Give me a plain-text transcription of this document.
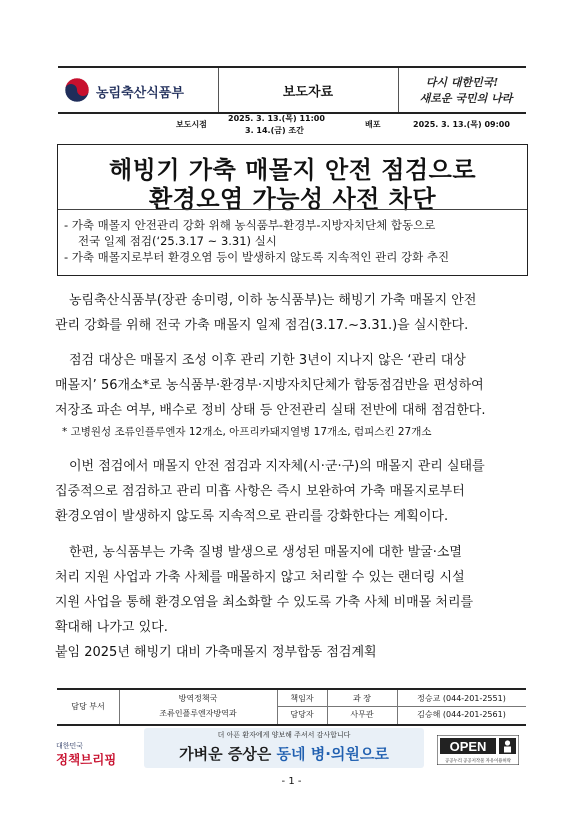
농림축산식품부	보도자료
다시 대한민국!
새로운 국민의 나라
보도시점
2025. 3. 13.(목) 11:00
3. 14.(금) 조간
배포	2025. 3. 13.(목) 09:00
해빙기 가축 매몰지 안전 점검으로
환경오염 가능성 사전 차단
- 가축 매몰지 안전관리 강화 위해 농식품부-환경부-지방자치단체 합동으로
전국 일제 점검(‘25.3.17 ~ 3.31) 실시
- 가축 매몰지로부터 환경오염 등이 발생하지 않도록 지속적인 관리 강화 추진
농림축산식품부(장관 송미령, 이하 농식품부)는 해빙기 가축 매몰지 안전
관리 강화를 위해 전국 가축 매몰지 일제 점검(3.17.~3.31.)을 실시한다.
점검 대상은 매몰지 조성 이후 관리 기한 3년이 지나지 않은 ‘관리 대상
매몰지’ 56개소*로 농식품부·환경부·지방자치단체가 합동점검반을 편성하여
저장조 파손 여부, 배수로 정비 상태 등 안전관리 실태 전반에 대해 점검한다.
* 고병원성 조류인플루엔자 12개소, 아프리카돼지열병 17개소, 럼피스킨 27개소
이번 점검에서 매몰지 안전 점검과 지자체(시·군·구)의 매몰지 관리 실태를
집중적으로 점검하고 관리 미흡 사항은 즉시 보완하여 가축 매몰지로부터
환경오염이 발생하지 않도록 지속적으로 관리를 강화한다는 계획이다.
한편, 농식품부는 가축 질병 발생으로 생성된 매몰지에 대한 발굴·소멸
처리 지원 사업과 가축 사체를 매몰하지 않고 처리할 수 있는 랜더링 시설
지원 사업을 통해 환경오염을 최소화할 수 있도록 가축 사체 비매몰 처리를
확대해 나가고 있다.
붙임 2025년 해빙기 대비 가축매몰지 정부합동 점검계획
담당 부서
방역정책국
조류인플루엔자방역과
책임자	과 장	정승교 (044-201-2551)
담당자	사무관	김승해 (044-201-2561)
대한민국
정책브리핑
더 아픈 환자에게 양보해 주셔서 감사합니다
가벼운 증상은 동네 병·의원으로	OPEN
공공누리 공공저작물 자유이용허락
- 1 -
